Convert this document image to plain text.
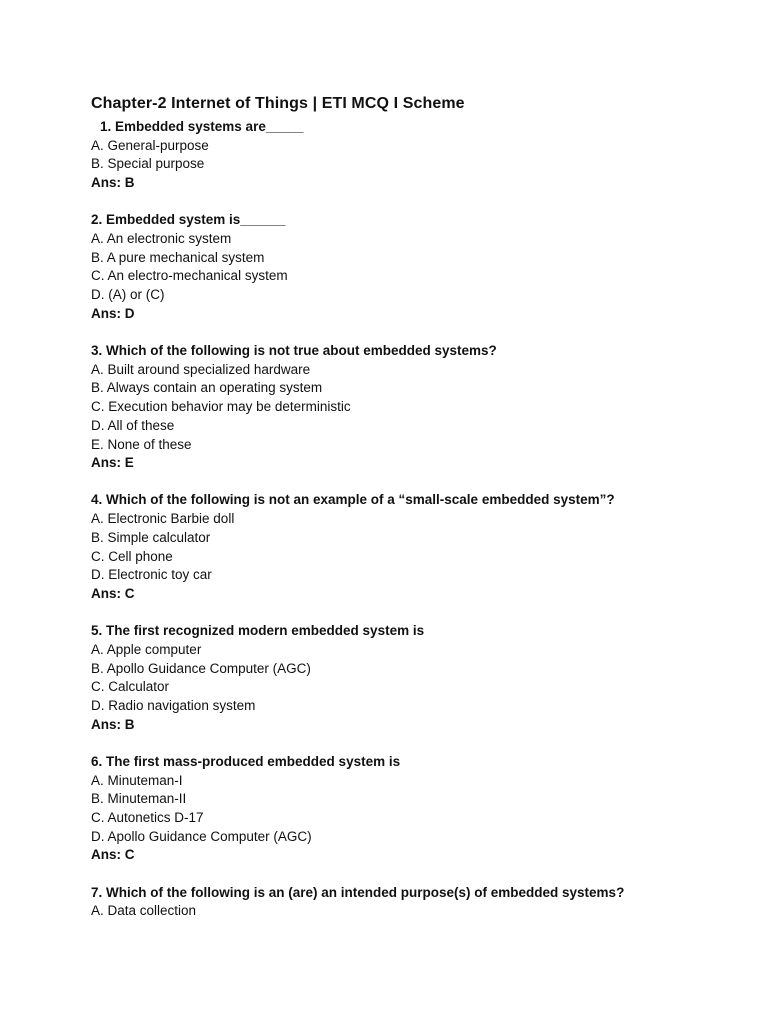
Chapter-2 Internet of Things | ETI MCQ I Scheme
1. Embedded systems are_____
A. General-purpose
B. Special purpose
Ans: B
2. Embedded system is______
A. An electronic system
B. A pure mechanical system
C. An electro-mechanical system
D. (A) or (C)
Ans: D
3. Which of the following is not true about embedded systems?
A. Built around specialized hardware
B. Always contain an operating system
C. Execution behavior may be deterministic
D. All of these
E. None of these
Ans: E
4. Which of the following is not an example of a “small-scale embedded system”?
A. Electronic Barbie doll
B. Simple calculator
C. Cell phone
D. Electronic toy car
Ans: C
5. The first recognized modern embedded system is
A. Apple computer
B. Apollo Guidance Computer (AGC)
C. Calculator
D. Radio navigation system
Ans: B
6. The first mass-produced embedded system is
A. Minuteman-I
B. Minuteman-II
C. Autonetics D-17
D. Apollo Guidance Computer (AGC)
Ans: C
7. Which of the following is an (are) an intended purpose(s) of embedded systems?
A. Data collection
